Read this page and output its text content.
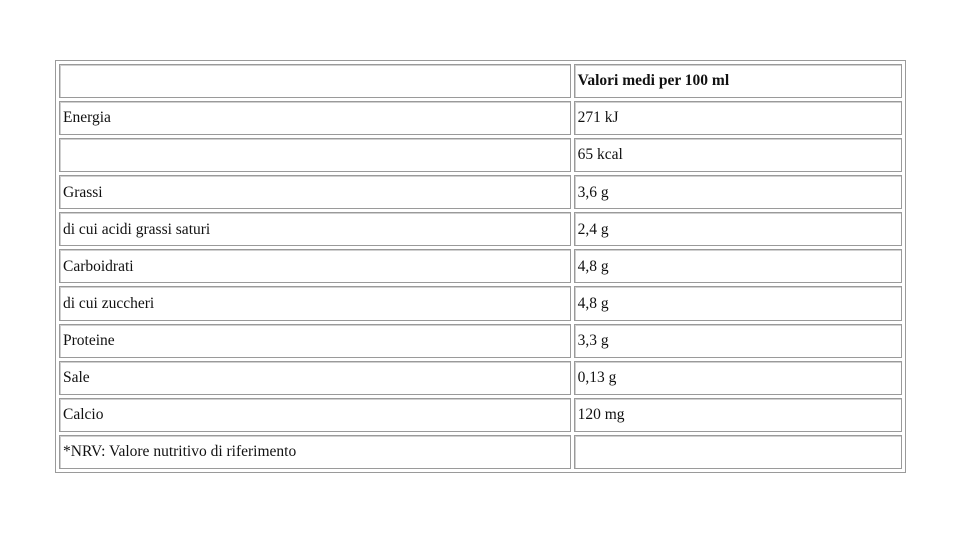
	Valori medi per 100 ml
Energia	271 kJ
	65 kcal
Grassi	3,6 g
di cui acidi grassi saturi	2,4 g
Carboidrati	4,8 g
di cui zuccheri	4,8 g
Proteine	3,3 g
Sale	0,13 g
Calcio	120 mg
*NRV: Valore nutritivo di riferimento	
